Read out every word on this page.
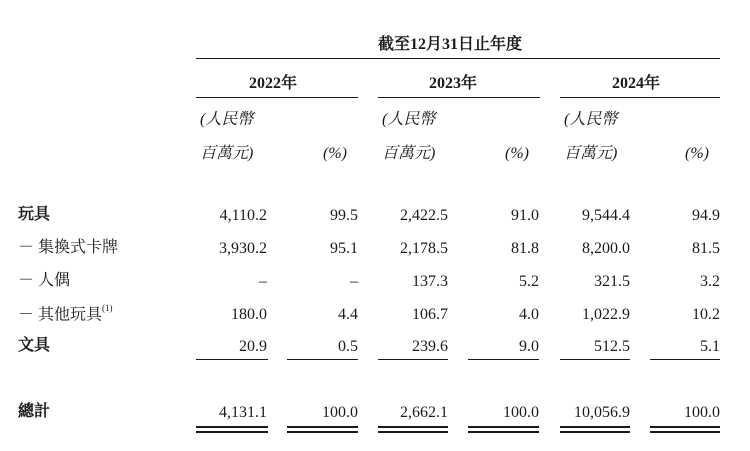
截至12月31日止年度
2022年	2023年	2024年
(人民幣
百萬元)	(%)
(人民幣
百萬元)	(%)
(人民幣
百萬元)	(%)
玩具	4,110.2	99.5	2,422.5	91.0	9,544.4	94.9
－ 集換式卡牌	3,930.2	95.1	2,178.5	81.8	8,200.0	81.5
－ 人偶	–	–	137.3	5.2	321.5	3.2
－ 其他玩具$^{(1)}$	180.0	4.4	106.7	4.0	1,022.9	10.2
文具	20.9	0.5	239.6	9.0	512.5	5.1
總計	4,131.1	100.0	2,662.1	100.0 10,056.9	100.0
